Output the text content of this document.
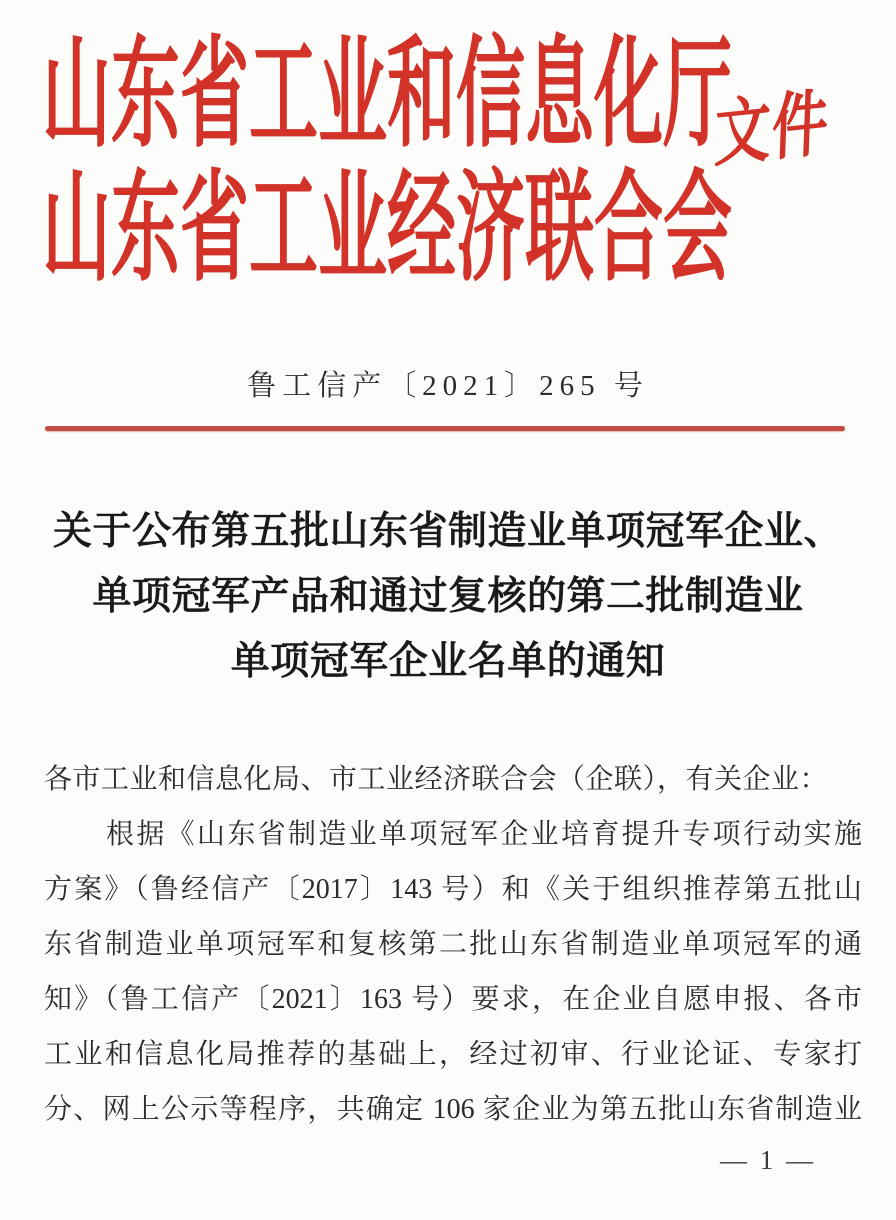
山东省工业和信息化厅
山东省工业经济联合会
文件
鲁工信产〔2021〕265 号
关于公布第五批山东省制造业单项冠军企业、
单项冠军产品和通过复核的第二批制造业
单项冠军企业名单的通知
各市工业和信息化局、市工业经济联合会（企联），有关企业：
根据《山东省制造业单项冠军企业培育提升专项行动实施
方案》（鲁经信产〔2017〕143 号）和《关于组织推荐第五批山
东省制造业单项冠军和复核第二批山东省制造业单项冠军的通
知》（鲁工信产〔2021〕163 号）要求，在企业自愿申报、各市
工业和信息化局推荐的基础上，经过初审、行业论证、专家打
分、网上公示等程序，共确定 106 家企业为第五批山东省制造业
— 1 —
